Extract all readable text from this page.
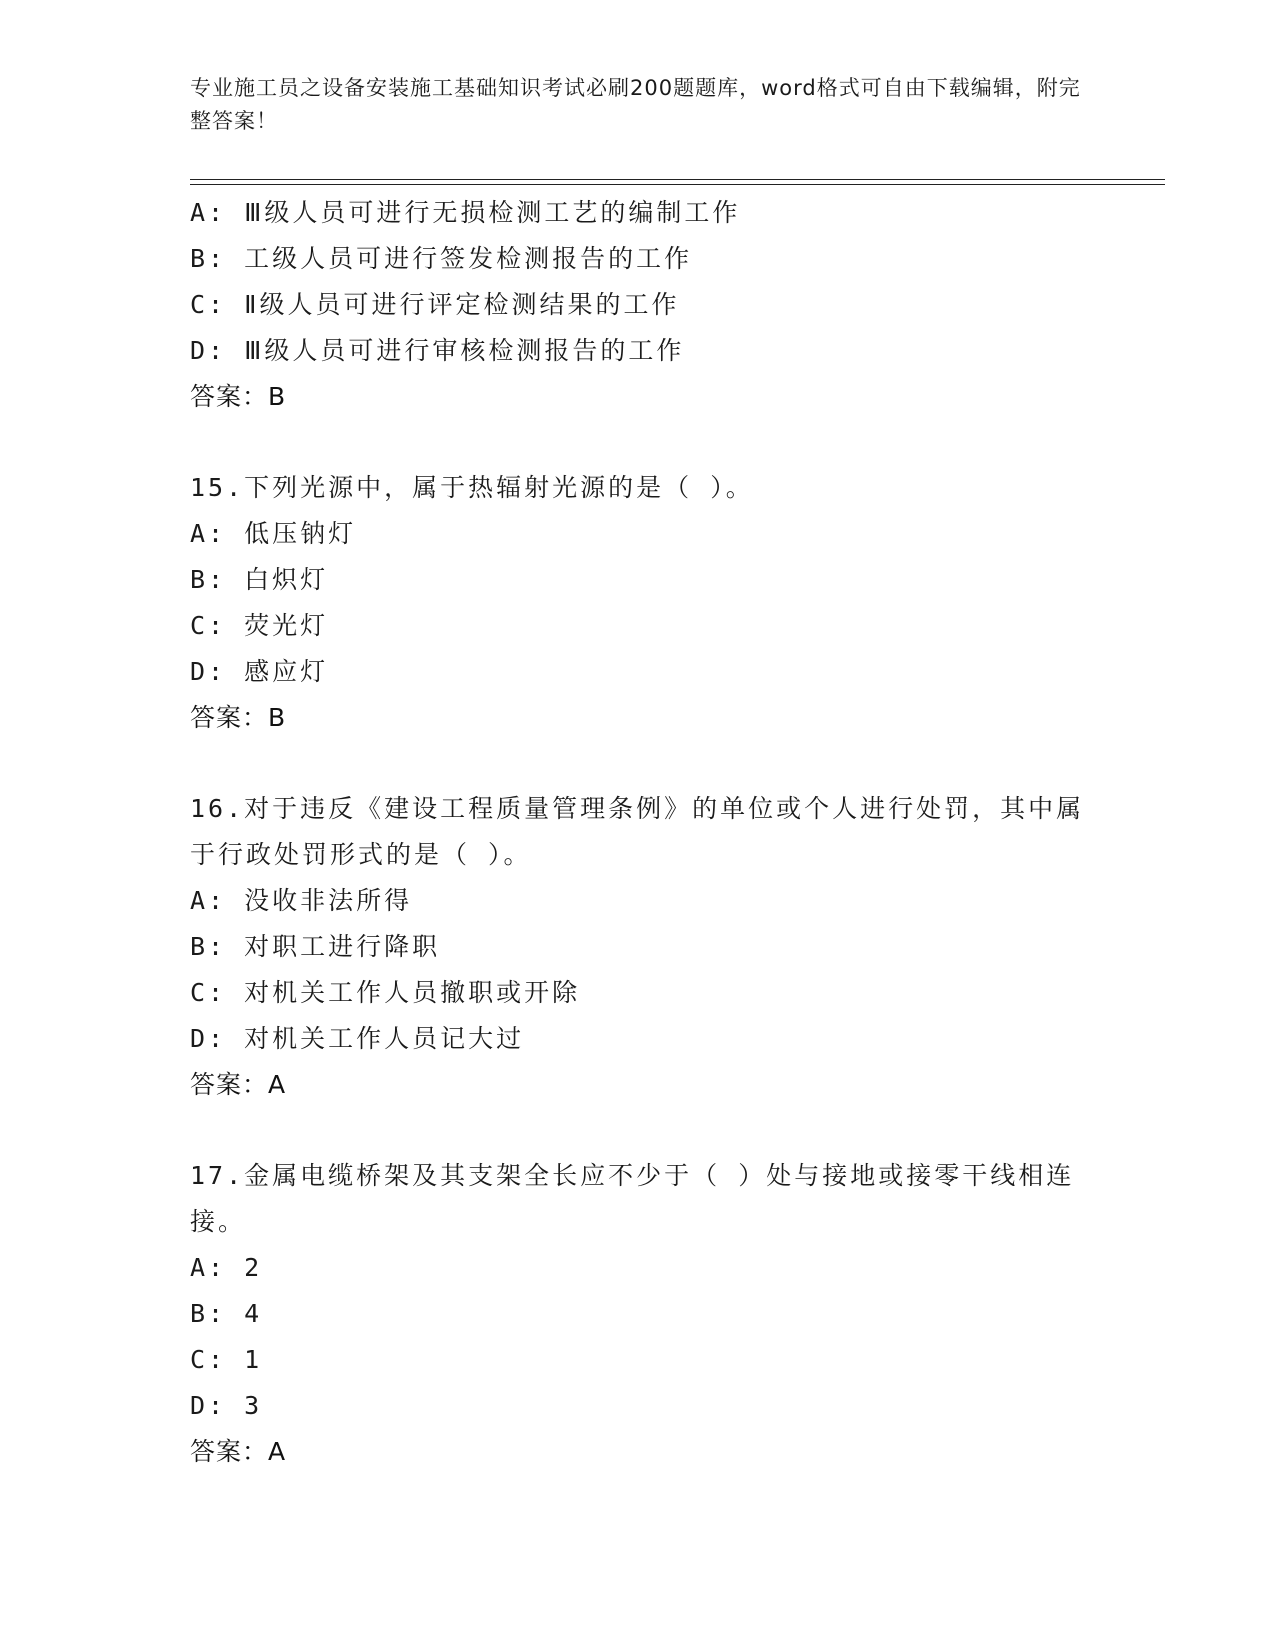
专业施工员之设备安装施工基础知识考试必刷200题题库，word格式可自由下载编辑，附完整答案！
A: Ⅲ级人员可进行无损检测工艺的编制工作
B: 工级人员可进行签发检测报告的工作
C: Ⅱ级人员可进行评定检测结果的工作
D: Ⅲ级人员可进行审核检测报告的工作
答案：B
15.下列光源中，属于热辐射光源的是（ ）。
A: 低压钠灯
B: 白炽灯
C: 荧光灯
D: 感应灯
答案：B
16.对于违反《建设工程质量管理条例》的单位或个人进行处罚，其中属于行政处罚形式的是（ ）。
A: 没收非法所得
B: 对职工进行降职
C: 对机关工作人员撤职或开除
D: 对机关工作人员记大过
答案：A
17.金属电缆桥架及其支架全长应不少于（ ）处与接地或接零干线相连接。
A: 2
B: 4
C: 1
D: 3
答案：A
